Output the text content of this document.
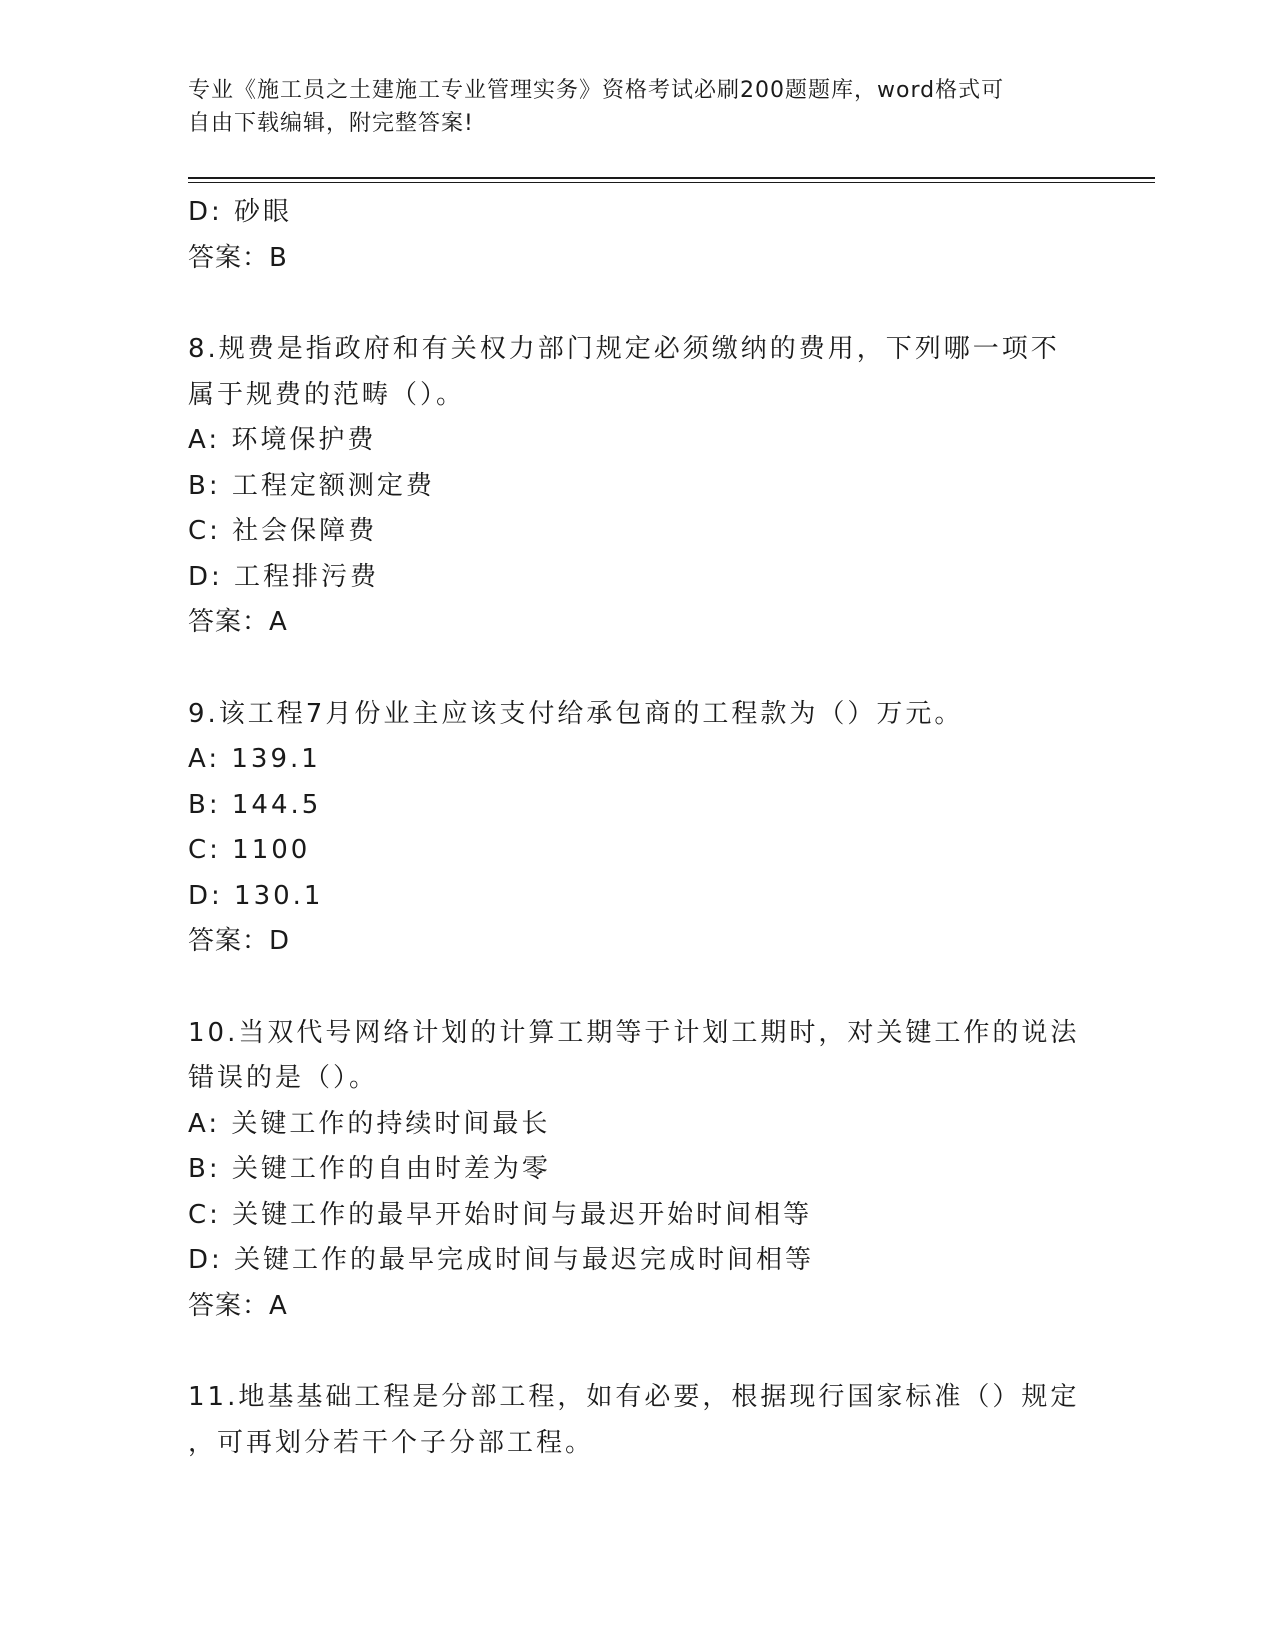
专业《施工员之土建施工专业管理实务》资格考试必刷200题题库，word格式可
自由下载编辑，附完整答案!
D: 砂眼
答案：B
8.规费是指政府和有关权力部门规定必须缴纳的费用，下列哪一项不
属于规费的范畴（）。
A: 环境保护费
B: 工程定额测定费
C: 社会保障费
D: 工程排污费
答案：A
9.该工程7月份业主应该支付给承包商的工程款为（）万元。
A: 139.1
B: 144.5
C: 1100
D: 130.1
答案：D
10.当双代号网络计划的计算工期等于计划工期时，对关键工作的说法
错误的是（）。
A: 关键工作的持续时间最长
B: 关键工作的自由时差为零
C: 关键工作的最早开始时间与最迟开始时间相等
D: 关键工作的最早完成时间与最迟完成时间相等
答案：A
11.地基基础工程是分部工程，如有必要，根据现行国家标准（）规定
，可再划分若干个子分部工程。
